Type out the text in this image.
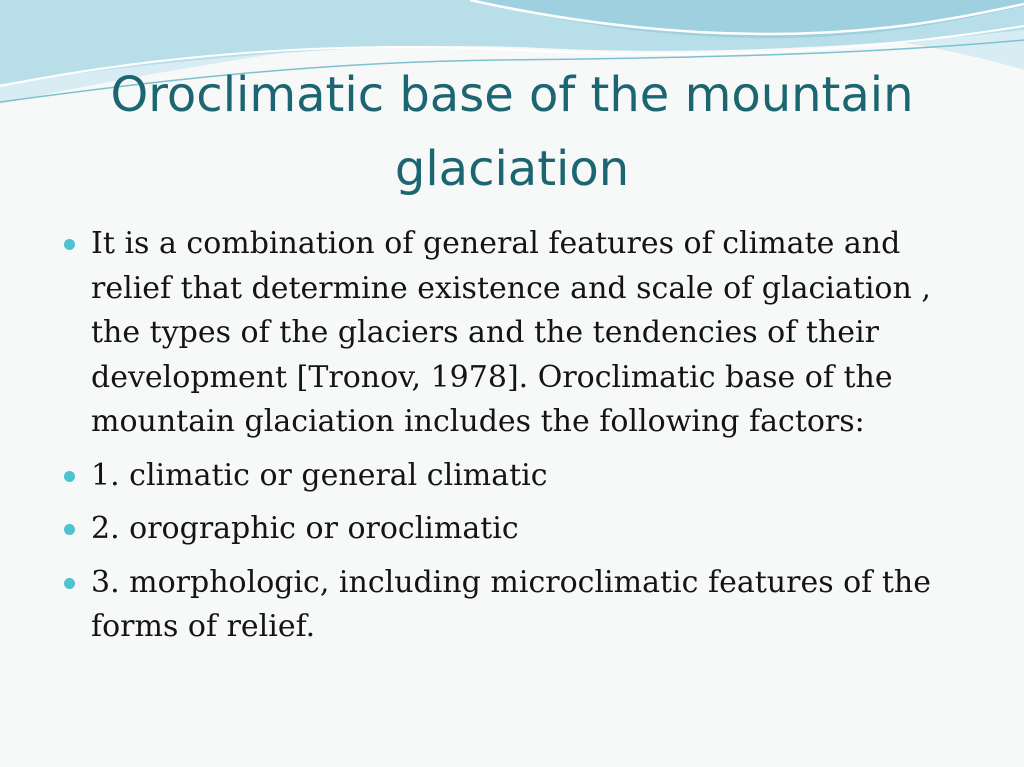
Oroclimatic base of the mountain glaciation
It is a combination of general features of climate and relief that determine existence and scale of glaciation , the types of the glaciers and the tendencies of their development [Tronov, 1978]. Oroclimatic base of the mountain glaciation includes the following factors:
1. climatic or general climatic
2. orographic or oroclimatic
3. morphologic, including microclimatic features of the forms of relief.
